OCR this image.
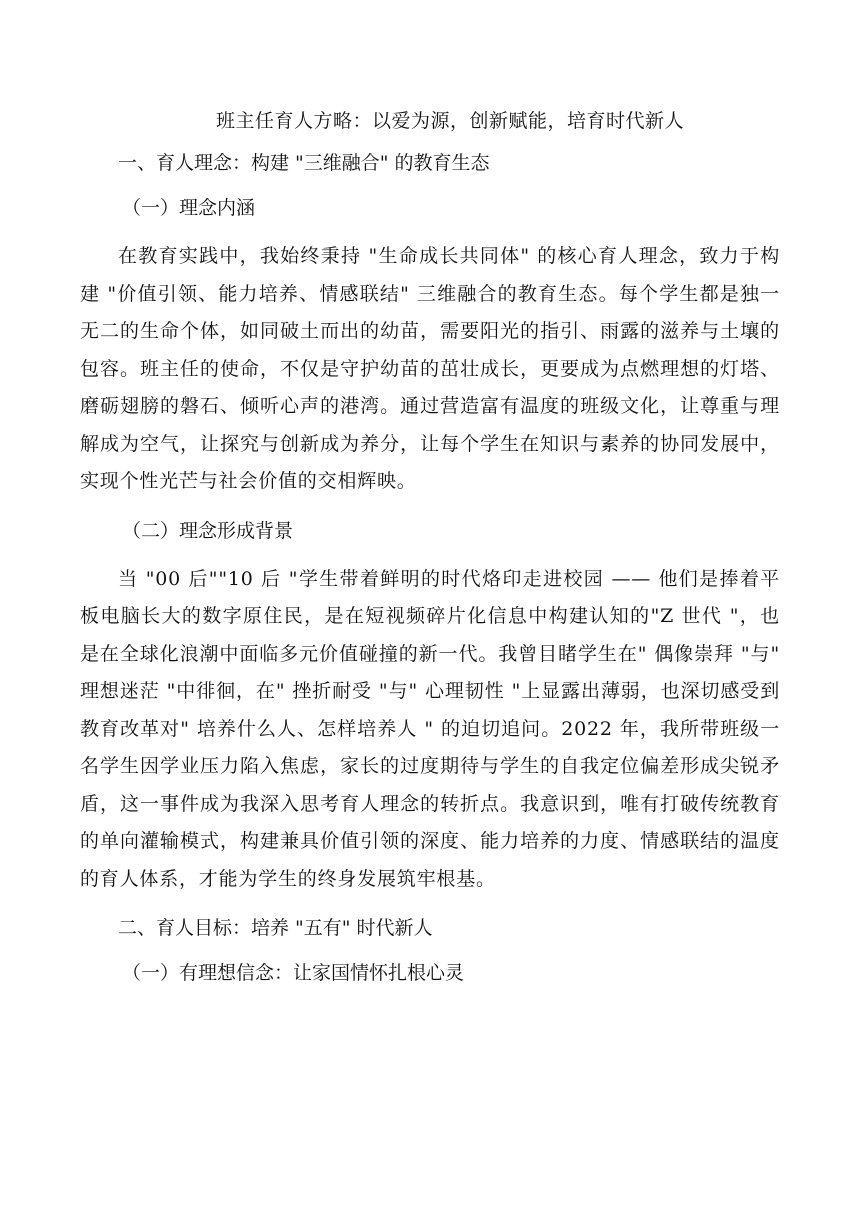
班主任育人方略：以爱为源，创新赋能，培育时代新人
一、育人理念：构建 "三维融合" 的教育生态
（一）理念内涵

在教育实践中，我始终秉持 "生命成长共同体" 的核心育人理念，致力于构建 "价值引领、能力培养、情感联结" 三维融合的教育生态。每个学生都是独一无二的生命个体，如同破土而出的幼苗，需要阳光的指引、雨露的滋养与土壤的包容。班主任的使命，不仅是守护幼苗的茁壮成长，更要成为点燃理想的灯塔、磨砺翅膀的磐石、倾听心声的港湾。通过营造富有温度的班级文化，让尊重与理解成为空气，让探究与创新成为养分，让每个学生在知识与素养的协同发展中，实现个性光芒与社会价值的交相辉映。

（二）理念形成背景

当 "00 后""10 后 "学生带着鲜明的时代烙印走进校园 —— 他们是捧着平板电脑长大的数字原住民，是在短视频碎片化信息中构建认知的"Z 世代 "，也是在全球化浪潮中面临多元价值碰撞的新一代。我曾目睹学生在" 偶像崇拜 "与" 理想迷茫 "中徘徊，在" 挫折耐受 "与" 心理韧性 "上显露出薄弱，也深切感受到教育改革对" 培养什么人、怎样培养人 " 的迫切追问。2022 年，我所带班级一名学生因学业压力陷入焦虑，家长的过度期待与学生的自我定位偏差形成尖锐矛盾，这一事件成为我深入思考育人理念的转折点。我意识到，唯有打破传统教育的单向灌输模式，构建兼具价值引领的深度、能力培养的力度、情感联结的温度的育人体系，才能为学生的终身发展筑牢根基。

二、育人目标：培养 "五有" 时代新人
（一）有理想信念：让家国情怀扎根心灵
